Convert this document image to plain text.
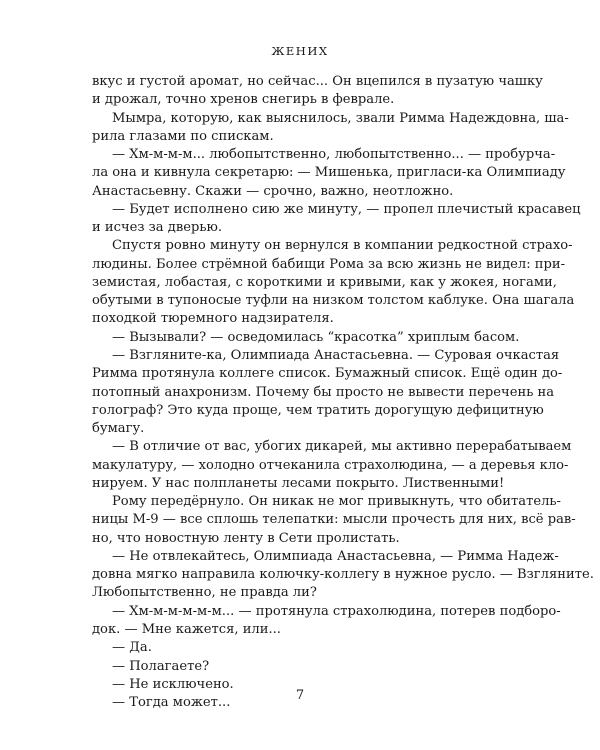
ЖЕНИХ
вкус и густой аромат, но сейчас... Он вцепился в пузатую чашку
и дрожал, точно хренов снегирь в феврале.
Мымра, которую, как выяснилось, звали Римма Надеждовна, ша-
рила глазами по спискам.
— Хм-м-м-м... любопытственно, любопытственно... — пробурча-
ла она и кивнула секретарю: — Мишенька, пригласи-ка Олимпиаду
Анастасьевну. Скажи — срочно, важно, неотложно.
— Будет исполнено сию же минуту, — пропел плечистый красавец
и исчез за дверью.
Спустя ровно минуту он вернулся в компании редкостной страхо-
людины. Более стрёмной бабищи Рома за всю жизнь не видел: при-
земистая, лобастая, с короткими и кривыми, как у жокея, ногами,
обутыми в тупоносые туфли на низком толстом каблуке. Она шагала
походкой тюремного надзирателя.
— Вызывали? — осведомилась “красотка” хриплым басом.
— Взгляните-ка, Олимпиада Анастасьевна. — Суровая очкастая
Римма протянула коллеге список. Бумажный список. Ещё один до-
потопный анахронизм. Почему бы просто не вывести перечень на
голограф? Это куда проще, чем тратить дорогущую дефицитную
бумагу.
— В отличие от вас, убогих дикарей, мы активно перерабатываем
макулатуру, — холодно отчеканила страхолюдина, — а деревья кло-
нируем. У нас полпланеты лесами покрыто. Лиственными!
Рому передёрнуло. Он никак не мог привыкнуть, что обитатель-
ницы М-9 — все сплошь телепатки: мысли прочесть для них, всё рав-
но, что новостную ленту в Сети пролистать.
— Не отвлекайтесь, Олимпиада Анастасьевна, — Римма Надеж-
довна мягко направила колючку-коллегу в нужное русло. — Взгляните.
Любопытственно, не правда ли?
— Хм-м-м-м-м-м... — протянула страхолюдина, потерев подборо-
док. — Мне кажется, или...
— Да.
— Полагаете?
— Не исключено.
— Тогда может...	7
